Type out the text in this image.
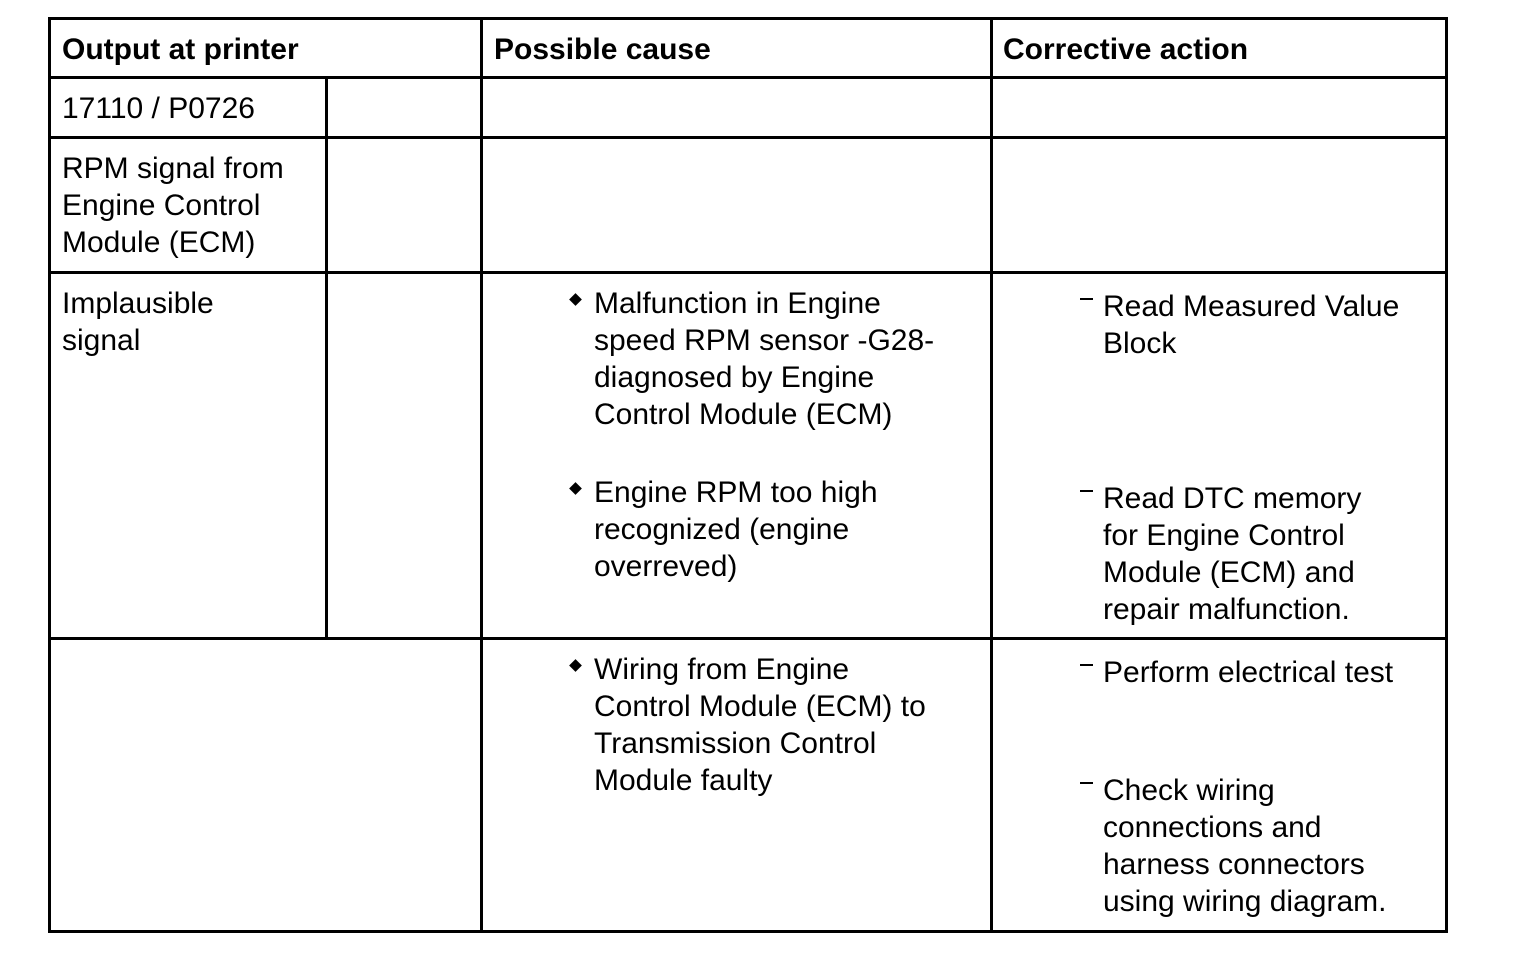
Output at printer	Possible cause	Corrective action
17110 / P0726
RPM signal from
Engine Control
Module (ECM)
Implausible
signal
Malfunction in Engine
speed RPM sensor -G28-
diagnosed by Engine
Control Module (ECM)
Engine RPM too high
recognized (engine
overreved)
Wiring from Engine
Control Module (ECM) to
Transmission Control
Module faulty
Read Measured Value
Block
Read DTC memory
for Engine Control
Module (ECM) and
repair malfunction.
Perform electrical test
Check wiring
connections and
harness connectors
using wiring diagram.
